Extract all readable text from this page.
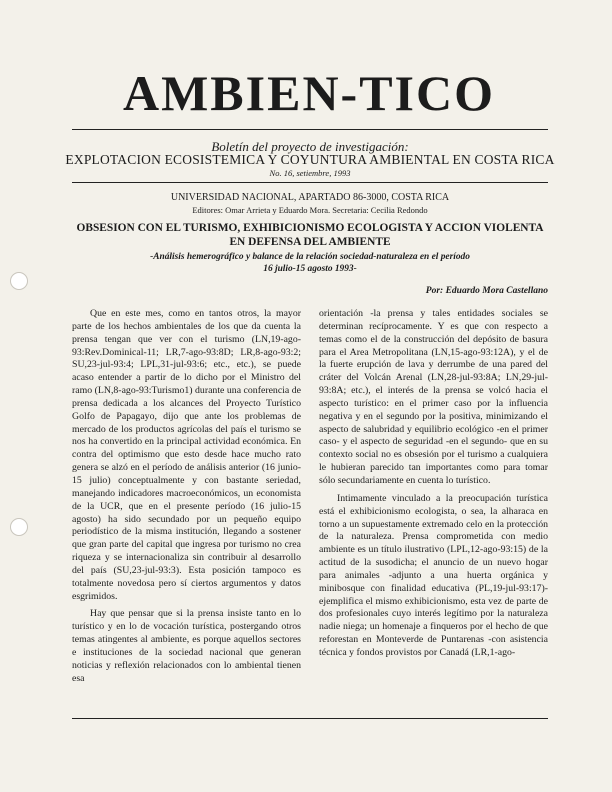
AMBIEN-TICO
Boletín del proyecto de investigación:
EXPLOTACION ECOSISTEMICA Y COYUNTURA AMBIENTAL EN COSTA RICA
No. 16, setiembre, 1993
UNIVERSIDAD NACIONAL, APARTADO 86-3000, COSTA RICA
Editores: Omar Arrieta y Eduardo Mora. Secretaria: Cecilia Redondo
OBSESION CON EL TURISMO, EXHIBICIONISMO ECOLOGISTA Y ACCION VIOLENTA EN DEFENSA DEL AMBIENTE
-Análisis hemerográfico y balance de la relación sociedad-naturaleza en el período
16 julio-15 agosto 1993-
Por: Eduardo Mora Castellano

Que en este mes, como en tantos otros, la mayor parte de los hechos ambientales de los que da cuenta la prensa tengan que ver con el turismo (LN,19-ago-93:Rev.Dominical-11; LR,7-ago-93:8D; LR,8-ago-93:2; SU,23-jul-93:4; LPL,31-jul-93:6; etc., etc.), se puede acaso entender a partir de lo dicho por el Ministro del ramo (LN,8-ago-93:Turismo1) durante una conferencia de prensa dedicada a los alcances del Proyecto Turístico Golfo de Papagayo, dijo que ante los problemas de mercado de los productos agrícolas del país el turismo se nos ha convertido en la principal actividad económica. En contra del optimismo que esto desde hace mucho rato genera se alzó en el período de análisis anterior (16 junio-15 julio) conceptualmente y con bastante seriedad, manejando indicadores macroeconómicos, un economista de la UCR, que en el presente período (16 julio-15 agosto) ha sido secundado por un pequeño equipo periodístico de la misma institución, llegando a sostener que gran parte del capital que ingresa por turismo no crea riqueza y se internacionaliza sin contribuir al desarrollo del país (SU,23-jul-93:3). Esta posición tampoco es totalmente novedosa pero sí ciertos argumentos y datos esgrimidos.

Hay que pensar que si la prensa insiste tanto en lo turístico y en lo de vocación turística, postergando otros temas atingentes al ambiente, es porque aquellos sectores e instituciones de la sociedad nacional que generan noticias y reflexión relacionados con lo ambiental tienen esa

orientación -la prensa y tales entidades sociales se determinan recíprocamente. Y es que con respecto a temas como el de la construcción del depósito de basura para el Area Metropolitana (LN,15-ago-93:12A), y el de la fuerte erupción de lava y derrumbe de una pared del cráter del Volcán Arenal (LN,28-jul-93:8A; LN,29-jul-93:8A; etc.), el interés de la prensa se volcó hacia el aspecto turístico: en el primer caso por la influencia negativa y en el segundo por la positiva, minimizando el aspecto de salubridad y equilibrio ecológico -en el primer caso- y el aspecto de seguridad -en el segundo- que en su contexto social no es obsesión por el turismo a cualquiera le hubieran parecido tan importantes como para tomar sólo secundariamente en cuenta lo turístico.

Intimamente vinculado a la preocupación turística está el exhibicionismo ecologista, o sea, la alharaca en torno a un supuestamente extremado celo en la protección de la naturaleza. Prensa comprometida con medio ambiente es un título ilustrativo (LPL,12-ago-93:15) de la actitud de la susodicha; el anuncio de un nuevo hogar para animales -adjunto a una huerta orgánica y minibosque con finalidad educativa (PL,19-jul-93:17)- ejemplifica el mismo exhibicionismo, esta vez de parte de dos profesionales cuyo interés legítimo por la naturaleza nadie niega; un homenaje a finqueros por el hecho de que reforestan en Monteverde de Puntarenas -con asistencia técnica y fondos provistos por Canadá (LR,1-ago-
